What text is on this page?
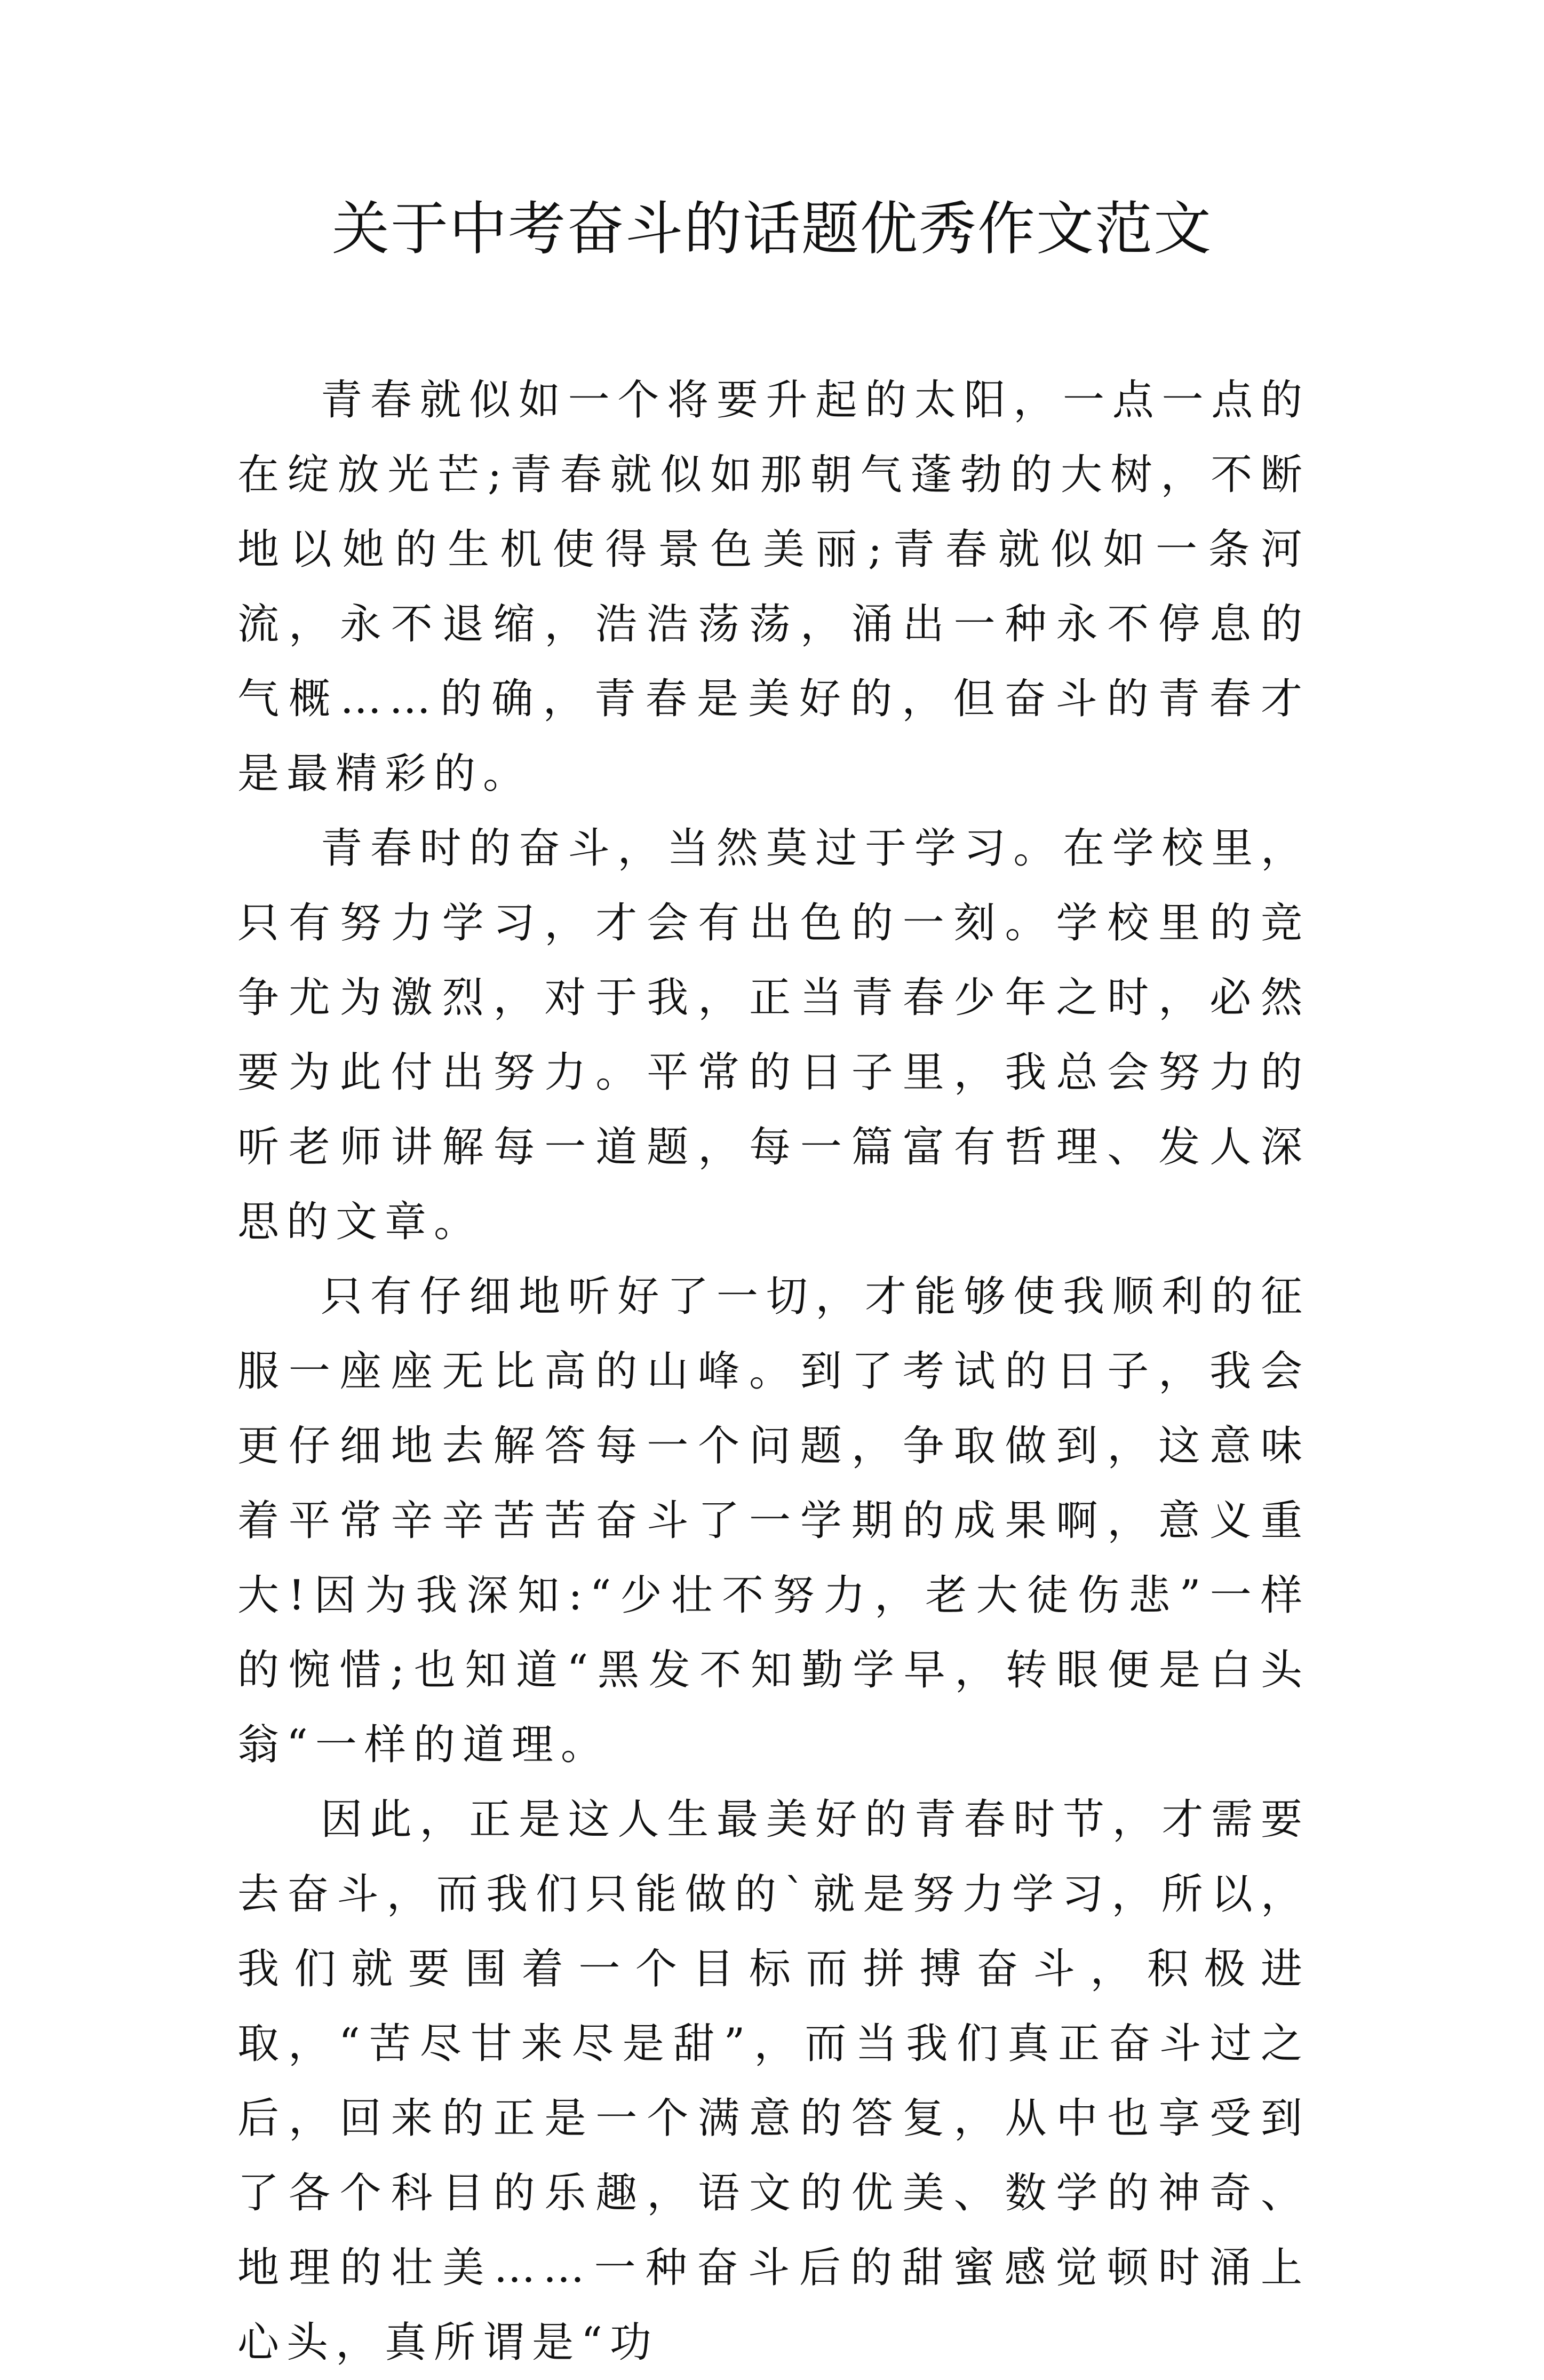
关于中考奋斗的话题优秀作文范文

青春就似如一个将要升起的太阳，一点一点的在绽放光芒;青春就似如那朝气蓬勃的大树，不断地以她的生机使得景色美丽;青春就似如一条河流，永不退缩，浩浩荡荡，涌出一种永不停息的气概……的确，青春是美好的，但奋斗的青春才是最精彩的。

青春时的奋斗，当然莫过于学习。在学校里，只有努力学习，才会有出色的一刻。学校里的竞争尤为激烈，对于我，正当青春少年之时，必然要为此付出努力。平常的日子里，我总会努力的听老师讲解每一道题，每一篇富有哲理、发人深思的文章。

只有仔细地听好了一切，才能够使我顺利的征服一座座无比高的山峰。到了考试的日子，我会更仔细地去解答每一个问题，争取做到，这意味着平常辛辛苦苦奋斗了一学期的成果啊，意义重大!因为我深知:“少壮不努力，老大徒伤悲”一样的惋惜;也知道“黑发不知勤学早，转眼便是白头翁“一样的道理。

因此，正是这人生最美好的青春时节，才需要去奋斗，而我们只能做的`就是努力学习，所以，我们就要围着一个目标而拼搏奋斗，积极进取，“苦尽甘来尽是甜”，而当我们真正奋斗过之后，回来的正是一个满意的答复，从中也享受到了各个科目的乐趣，语文的优美、数学的神奇、地理的壮美……一种奋斗后的甜蜜感觉顿时涌上心头，真所谓是“功
